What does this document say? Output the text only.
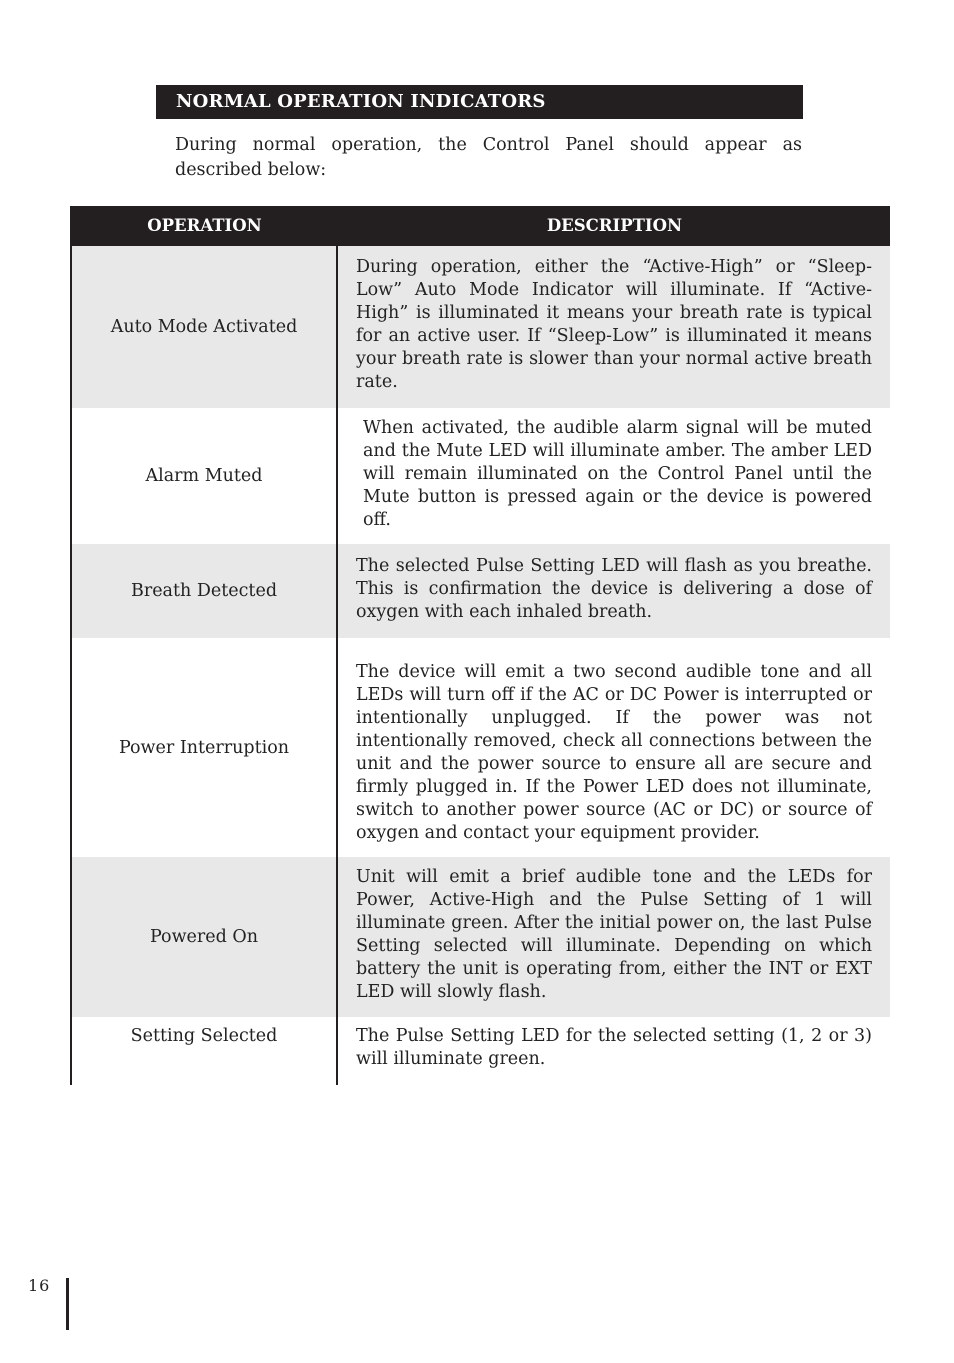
NORMAL OPERATION INDICATORS
During normal operation, the Control Panel should appear as described below:
OPERATION	DESCRIPTION
Auto Mode Activated
During operation, either the “Active-High” or “Sleep-Low” Auto Mode Indicator will illuminate. If “Active-High” is illuminated it means your breath rate is typical for an active user. If “Sleep-Low” is illuminated it means your breath rate is slower than your normal active breath rate.
Alarm Muted
When activated, the audible alarm signal will be muted and the Mute LED will illuminate amber. The amber LED will remain illuminated on the Control Panel until the Mute button is pressed again or the device is powered off.
Breath Detected
The selected Pulse Setting LED will flash as you breathe. This is confirmation the device is delivering a dose of oxygen with each inhaled breath.
Power Interruption
The device will emit a two second audible tone and all LEDs will turn off if the AC or DC Power is interrupted or intentionally unplugged. If the power was not intentionally removed, check all connections between the unit and the power source to ensure all are secure and firmly plugged in. If the Power LED does not illuminate, switch to another power source (AC or DC) or source of oxygen and contact your equipment provider.
Powered On
Unit will emit a brief audible tone and the LEDs for Power, Active-High and the Pulse Setting of 1 will illuminate green. After the initial power on, the last Pulse Setting selected will illuminate. Depending on which battery the unit is operating from, either the INT or EXT LED will slowly flash.
Setting Selected	The Pulse Setting LED for the selected setting (1, 2 or 3) will illuminate green.
16
